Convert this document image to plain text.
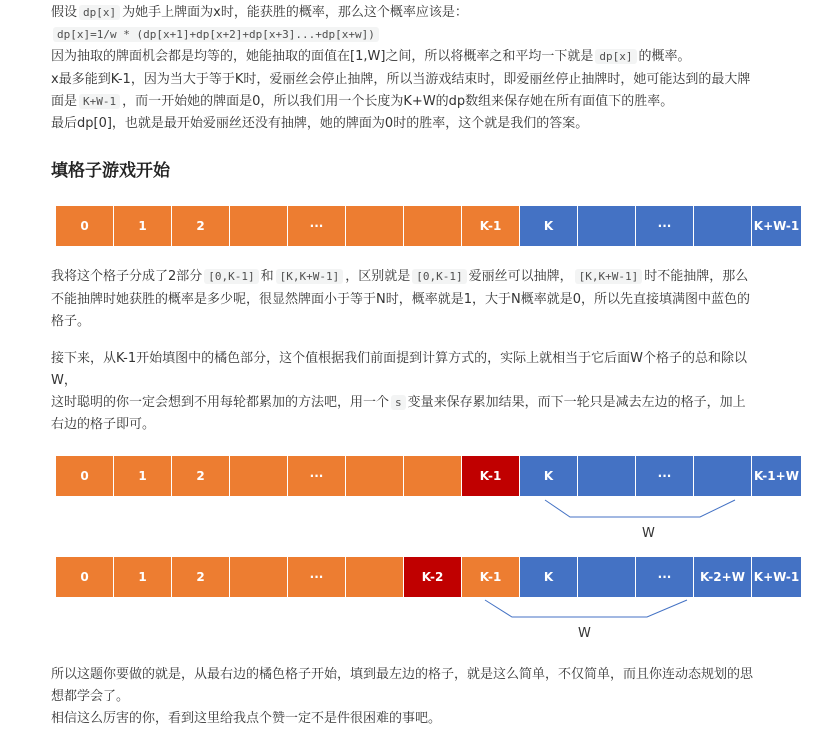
假设 dp[x] 为她手上牌面为x时，能获胜的概率，那么这个概率应该是：
dp[x]=1/w * (dp[x+1]+dp[x+2]+dp[x+3]...+dp[x+w])
因为抽取的牌面机会都是均等的，她能抽取的面值在[1,W]之间，所以将概率之和平均一下就是 dp[x] 的概率。
x最多能到K-1，因为当大于等于K时，爱丽丝会停止抽牌，所以当游戏结束时，即爱丽丝停止抽牌时，她可能达到的最大牌
面是 K+W-1 ，而一开始她的牌面是0，所以我们用一个长度为K+W的dp数组来保存她在所有面值下的胜率。
最后dp[0]，也就是最开始爱丽丝还没有抽牌，她的牌面为0时的胜率，这个就是我们的答案。
填格子游戏开始
0	1	2	···	K-1	K	···	K+W-1
我将这个格子分成了2部分 [0,K-1] 和 [K,K+W-1] ，区别就是 [0,K-1] 爱丽丝可以抽牌， [K,K+W-1] 时不能抽牌，那么
不能抽牌时她获胜的概率是多少呢，很显然牌面小于等于N时，概率就是1，大于N概率就是0，所以先直接填满图中蓝色的
格子。
接下来，从K-1开始填图中的橘色部分，这个值根据我们前面提到计算方式的，实际上就相当于它后面W个格子的总和除以
W，
这时聪明的你一定会想到不用每轮都累加的方法吧，用一个 s 变量来保存累加结果，而下一轮只是减去左边的格子，加上
右边的格子即可。
0	1	2	···	K-1	K	···	K-1+W
W
0	1	2	···	K-2	K-1	K	···	K-2+W K+W-1
W
所以这题你要做的就是，从最右边的橘色格子开始，填到最左边的格子，就是这么简单，不仅简单，而且你连动态规划的思
想都学会了。
相信这么厉害的你，看到这里给我点个赞一定不是件很困难的事吧。
